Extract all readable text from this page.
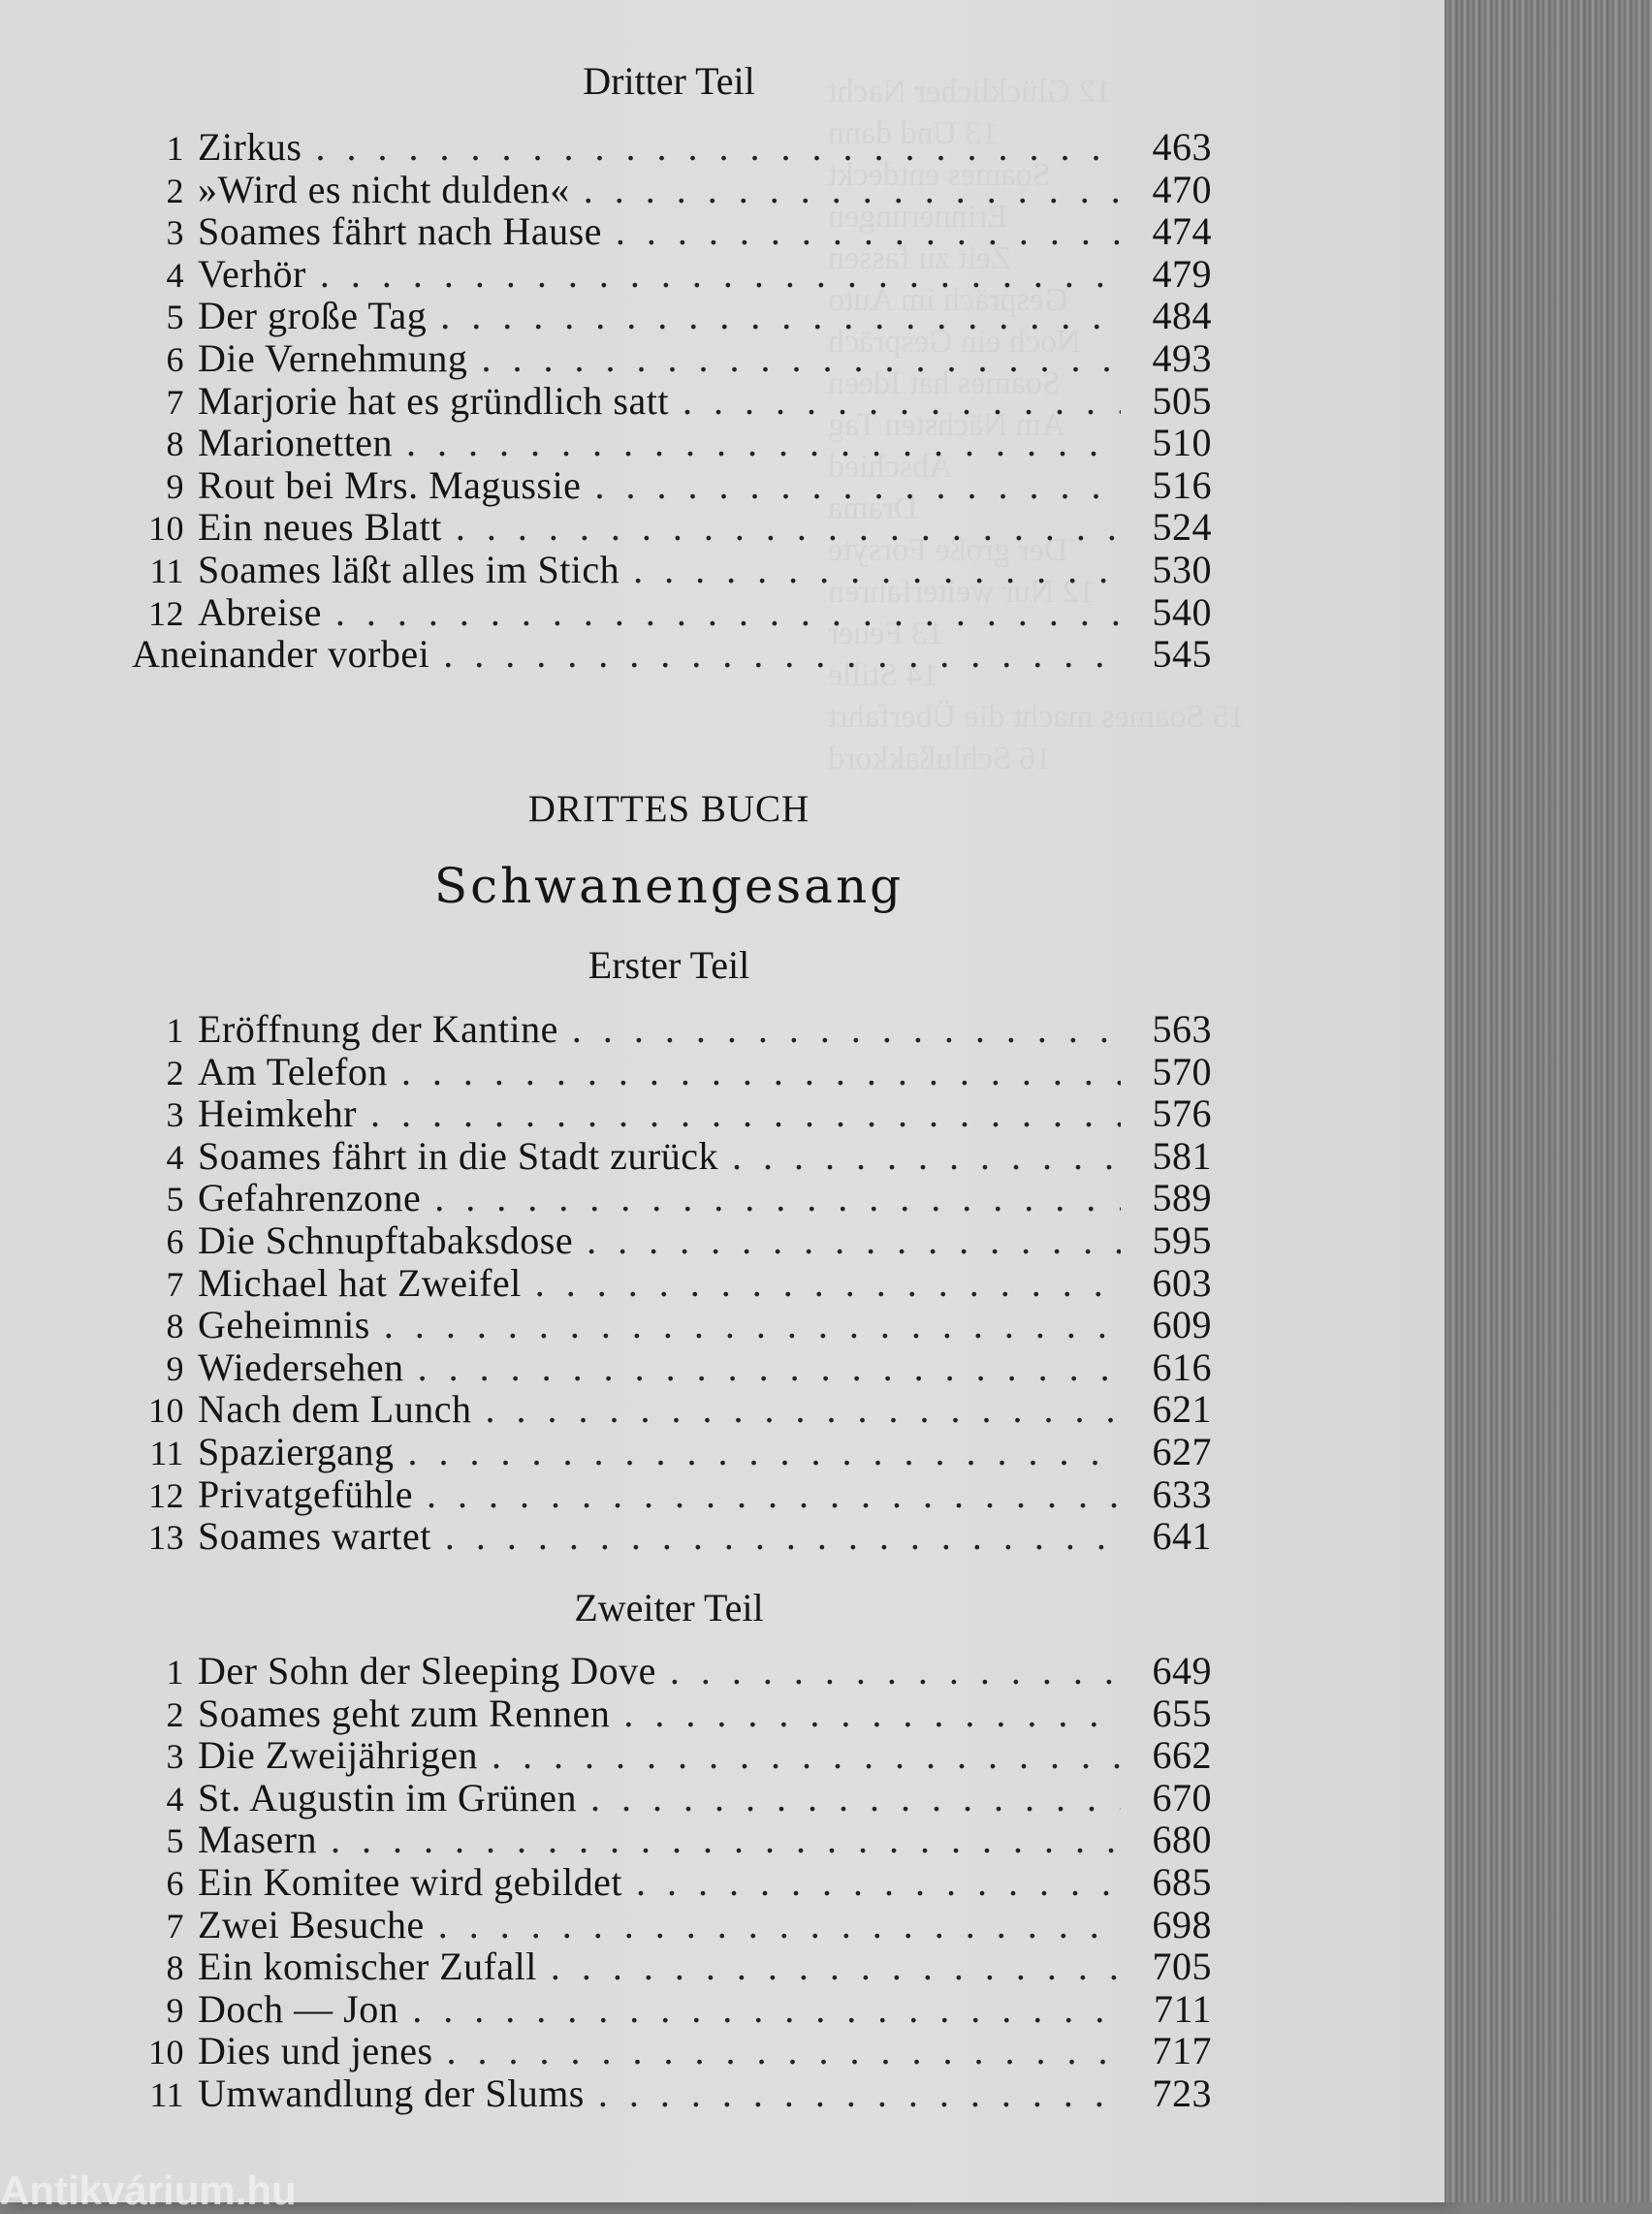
12 Glücklicher Nacht
13 Und dann
Soames entdeckt
Erinnerungen
Zeit zu fassen
Gespräch im Auto
Noch ein Gespräch
Soames hat Ideen
Am Nächsten Tag
Abschied
Drama
Der große Forsyte
12 Nur weiterfahren
13 Feuer
14 Stille
15 Soames macht die Überfahrt
16 Schlußakkord
Dritter Teil
1 Zirkus . . .	463
2 »Wird es nicht dulden« . . .	470
3 Soames fährt nach Hause . . .	474
4 Verhör . . .	479
5 Der große Tag . . .	484
6 Die Vernehmung . . .	493
7 Marjorie hat es gründlich satt . . .	505
8 Marionetten . . .	510
9 Rout bei Mrs. Magussie . . .	516
10 Ein neues Blatt . . .	524
11 Soames läßt alles im Stich . . .	530
12 Abreise . . .	540
Aneinander vorbei . . .	545
DRITTES BUCH
Schwanengesang
Erster Teil
1 Eröffnung der Kantine . . .	563
2 Am Telefon . . .	570
3 Heimkehr . . .	576
4 Soames fährt in die Stadt zurück . . .	581
5 Gefahrenzone . . .	589
6 Die Schnupftabaksdose . . .	595
7 Michael hat Zweifel . . .	603
8 Geheimnis . . .	609
9 Wiedersehen . . .	616
10 Nach dem Lunch . . .	621
11 Spaziergang . . .	627
12 Privatgefühle . . .	633
13 Soames wartet . . .	641
Zweiter Teil
1 Der Sohn der Sleeping Dove . . .	649
2 Soames geht zum Rennen . . .	655
3 Die Zweijährigen . . .	662
4 St. Augustin im Grünen . . .	670
5 Masern . . .	680
6 Ein Komitee wird gebildet . . .	685
7 Zwei Besuche . . .	698
8 Ein komischer Zufall . . .	705
9 Doch — Jon . . .	711
10 Dies und jenes . . .	717
11 Umwandlung der Slums . . .	723
Antikvárium.hu
